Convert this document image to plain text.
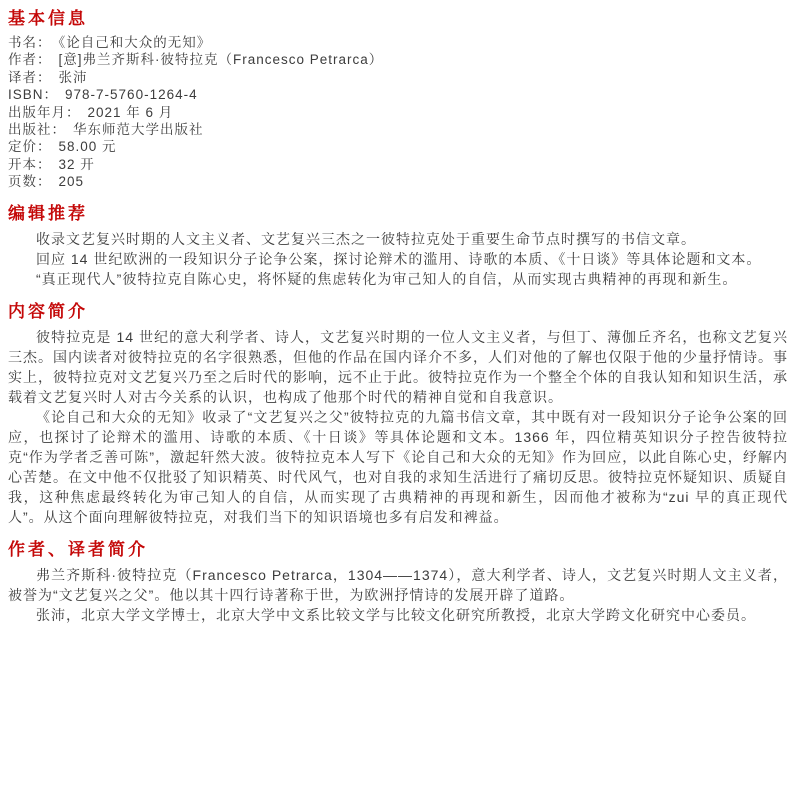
基本信息

书名： 《论自己和大众的无知》

作者： [意]弗兰齐斯科·彼特拉克（Francesco Petrarca）

译者： 张沛

ISBN： 978-7-5760-1264-4

出版年月： 2021 年 6 月

出版社： 华东师范大学出版社

定价： 58.00 元

开本： 32 开

页数： 205

编辑推荐

收录文艺复兴时期的人文主义者、文艺复兴三杰之一彼特拉克处于重要生命节点时撰写的书信文章。

回应 14 世纪欧洲的一段知识分子论争公案，探讨论辩术的滥用、诗歌的本质、《十日谈》等具体论题和文本。

“真正现代人”彼特拉克自陈心史，将怀疑的焦虑转化为审己知人的自信，从而实现古典精神的再现和新生。

内容简介

彼特拉克是 14 世纪的意大利学者、诗人，文艺复兴时期的一位人文主义者，与但丁、薄伽丘齐名，也称文艺复兴三杰。国内读者对彼特拉克的名字很熟悉，但他的作品在国内译介不多，人们对他的了解也仅限于他的少量抒情诗。事实上，彼特拉克对文艺复兴乃至之后时代的影响，远不止于此。彼特拉克作为一个整全个体的自我认知和知识生活，承载着文艺复兴时人对古今关系的认识，也构成了他那个时代的精神自觉和自我意识。

《论自己和大众的无知》收录了“文艺复兴之父”彼特拉克的九篇书信文章，其中既有对一段知识分子论争公案的回应，也探讨了论辩术的滥用、诗歌的本质、《十日谈》等具体论题和文本。1366 年，四位精英知识分子控告彼特拉克“作为学者乏善可陈”，激起轩然大波。彼特拉克本人写下《论自己和大众的无知》作为回应，以此自陈心史，纾解内心苦楚。在文中他不仅批驳了知识精英、时代风气，也对自我的求知生活进行了痛切反思。彼特拉克怀疑知识、质疑自我，这种焦虑最终转化为审己知人的自信，从而实现了古典精神的再现和新生，因而他才被称为“zui 早的真正现代人”。从这个面向理解彼特拉克，对我们当下的知识语境也多有启发和裨益。

作者、译者简介

弗兰齐斯科·彼特拉克（Francesco Petrarca，1304——1374），意大利学者、诗人，文艺复兴时期人文主义者，被誉为“文艺复兴之父”。他以其十四行诗著称于世，为欧洲抒情诗的发展开辟了道路。

张沛，北京大学文学博士，北京大学中文系比较文学与比较文化研究所教授，北京大学跨文化研究中心委员。
